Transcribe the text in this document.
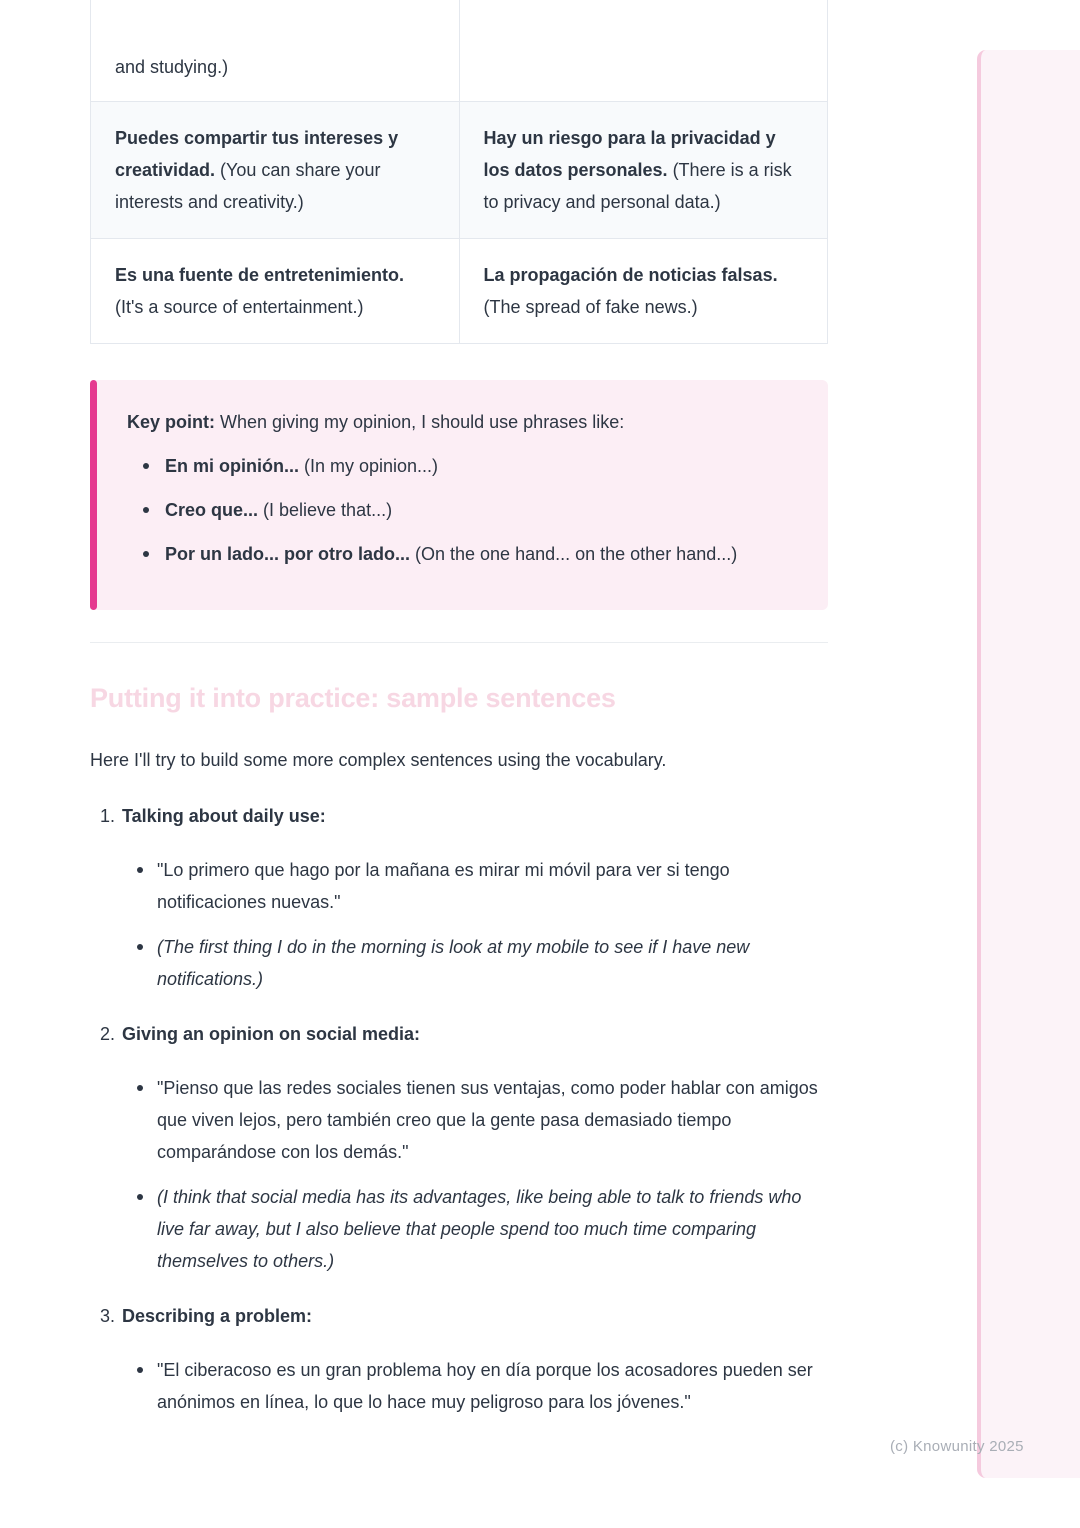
and studying.)	
Puedes compartir tus intereses y creatividad. (You can share your interests and creativity.)	Hay un riesgo para la privacidad y los datos personales. (There is a risk to privacy and personal data.)
Es una fuente de entretenimiento. (It's a source of entertainment.)	La propagación de noticias falsas. (The spread of fake news.)

Key point: When giving my opinion, I should use phrases like:

En mi opinión... (In my opinion...)
Creo que... (I believe that...)
Por un lado... por otro lado... (On the one hand... on the other hand...)
Putting it into practice: sample sentences

Here I'll try to build some more complex sentences using the vocabulary.

1. Talking about daily use:
"Lo primero que hago por la mañana es mirar mi móvil para ver si tengo notificaciones nuevas."
(The first thing I do in the morning is look at my mobile to see if I have new notifications.)
2. Giving an opinion on social media:
"Pienso que las redes sociales tienen sus ventajas, como poder hablar con amigos que viven lejos, pero también creo que la gente pasa demasiado tiempo comparándose con los demás."
(I think that social media has its advantages, like being able to talk to friends who live far away, but I also believe that people spend too much time comparing themselves to others.)
3. Describing a problem:
"El ciberacoso es un gran problema hoy en día porque los acosadores pueden ser anónimos en línea, lo que lo hace muy peligroso para los jóvenes."
(c) Knowunity 2025
